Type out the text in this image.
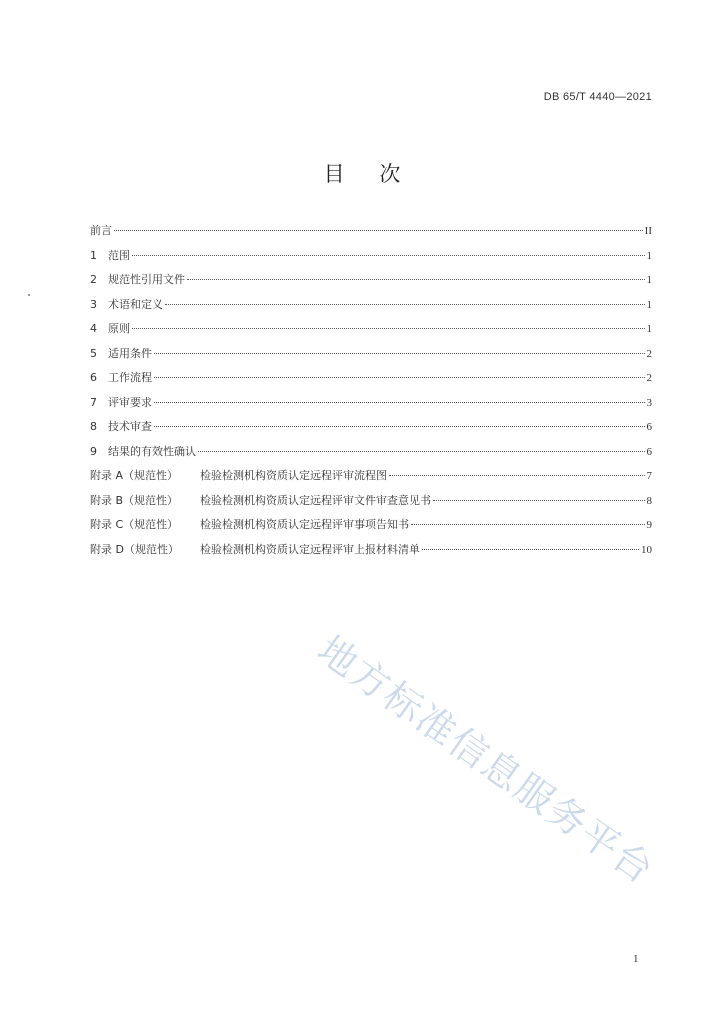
DB 65/T 4440—2021
目 次
前言	II
1	范围	1
2	规范性引用文件	1
3	术语和定义	1
4	原则	1
5	适用条件	2
6	工作流程	2
7	评审要求	3
8	技术审查	6
9	结果的有效性确认	6
附录 A（规范性）	检验检测机构资质认定远程评审流程图	7
附录 B（规范性）	检验检测机构资质认定远程评审文件审查意见书	8
附录 C（规范性）	检验检测机构资质认定远程评审事项告知书	9
附录 D（规范性）	检验检测机构资质认定远程评审上报材料清单	10
地方标准信息服务平台
1
